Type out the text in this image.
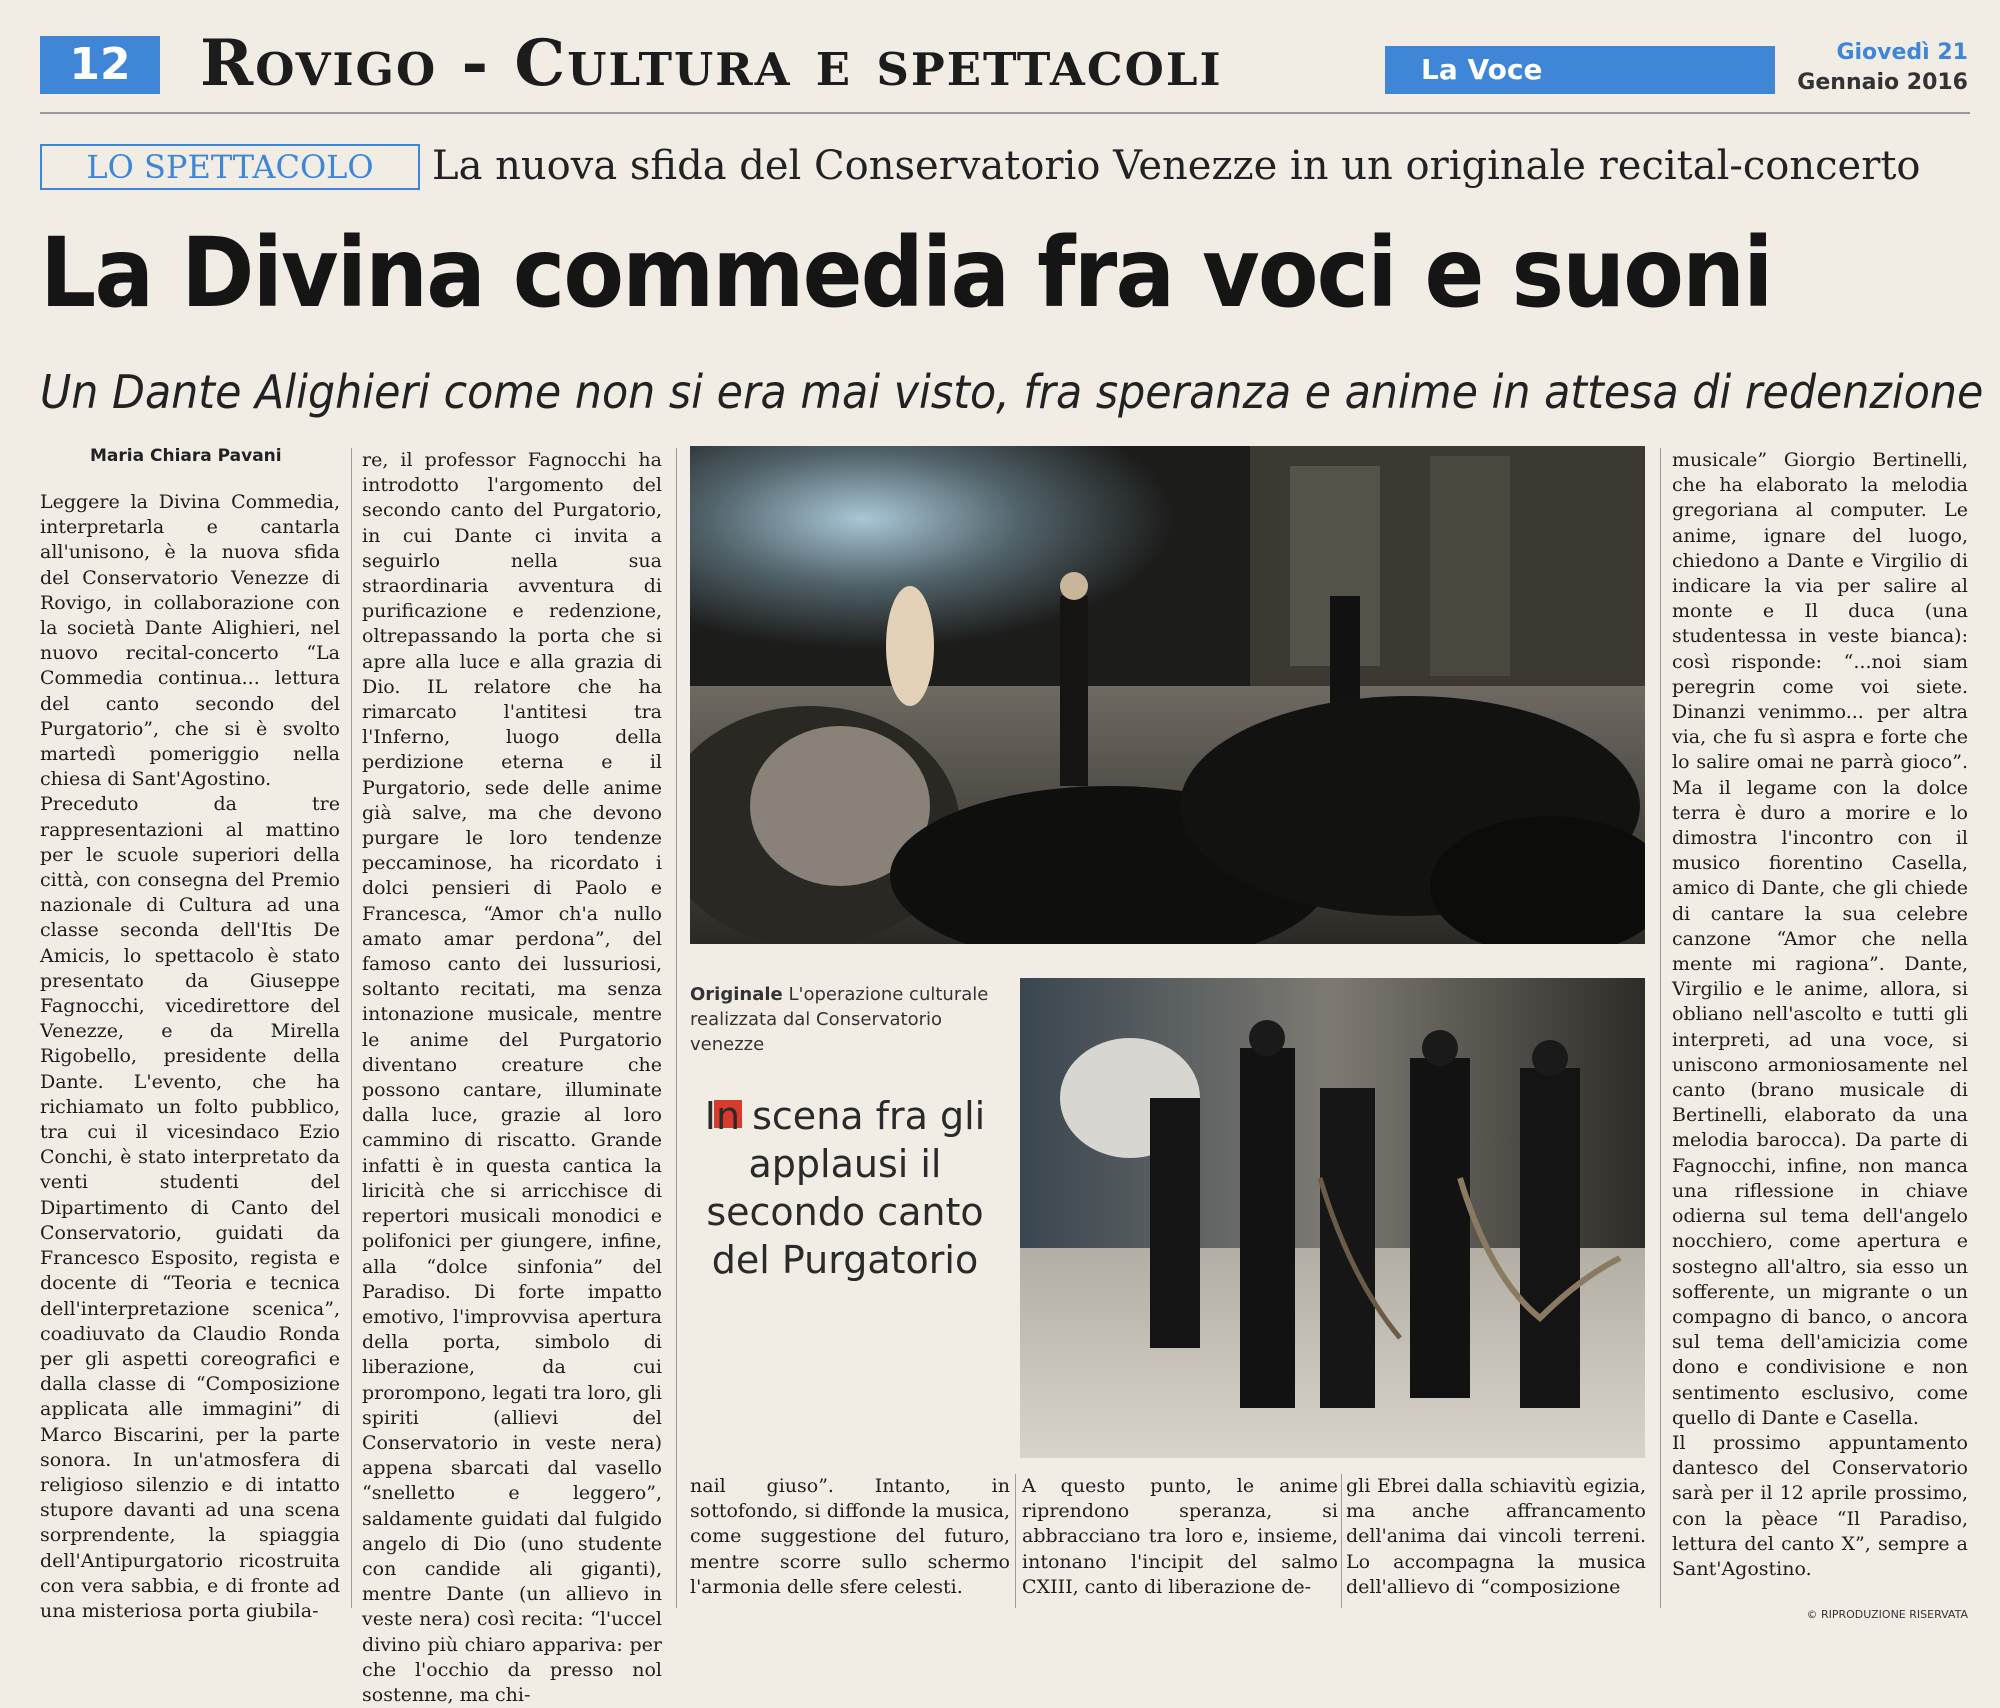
12	Rovigo - Cultura e spettacoli	La Voce
Giovedì 21
Gennaio 2016
LO SPETTACOLO	La nuova sfida del Conservatorio Venezze in un originale recital-concerto
La Divina commedia fra voci e suoni
Un Dante Alighieri come non si era mai visto, fra speranza e anime in attesa di redenzione
Maria Chiara Pavani

Leggere la Divina Commedia, interpretarla e cantarla all'unisono, è la nuova sfida del Conservatorio Venezze di Rovigo, in collaborazione con la società Dante Alighieri, nel nuovo recital-concerto “La Commedia continua... lettura del canto secondo del Purgatorio”, che si è svolto martedì pomeriggio nella chiesa di Sant'Agostino.

Preceduto da tre rappresentazioni al mattino per le scuole superiori della città, con consegna del Premio nazionale di Cultura ad una classe seconda dell'Itis De Amicis, lo spettacolo è stato presentato da Giuseppe Fagnocchi, vicedirettore del Venezze, e da Mirella Rigobello, presidente della Dante. L'evento, che ha richiamato un folto pubblico, tra cui il vicesindaco Ezio Conchi, è stato interpretato da venti studenti del Dipartimento di Canto del Conservatorio, guidati da Francesco Esposito, regista e docente di “Teoria e tecnica dell'interpretazione scenica”, coadiuvato da Claudio Ronda per gli aspetti coreografici e dalla classe di “Composizione applicata alle immagini” di Marco Biscarini, per la parte sonora. In un'atmosfera di religioso silenzio e di intatto stupore davanti ad una scena sorprendente, la spiaggia dell'Antipurgatorio ricostruita con vera sabbia, e di fronte ad una misteriosa porta giubila-

re, il professor Fagnocchi ha introdotto l'argomento del secondo canto del Purgatorio, in cui Dante ci invita a seguirlo nella sua straordinaria avventura di purificazione e redenzione, oltrepassando la porta che si apre alla luce e alla grazia di Dio. IL relatore che ha rimarcato l'antitesi tra l'Inferno, luogo della perdizione eterna e il Purgatorio, sede delle anime già salve, ma che devono purgare le loro tendenze peccaminose, ha ricordato i dolci pensieri di Paolo e Francesca, “Amor ch'a nullo amato amar perdona”, del famoso canto dei lussuriosi, soltanto recitati, ma senza intonazione musicale, mentre le anime del Purgatorio diventano creature che possono cantare, illuminate dalla luce, grazie al loro cammino di riscatto. Grande infatti è in questa cantica la liricità che si arricchisce di repertori musicali monodici e polifonici per giungere, infine, alla “dolce sinfonia” del Paradiso. Di forte impatto emotivo, l'improvvisa apertura della porta, simbolo di liberazione, da cui prorompono, legati tra loro, gli spiriti (allievi del Conservatorio in veste nera) appena sbarcati dal vasello “snelletto e leggero”, saldamente guidati dal fulgido angelo di Dio (uno studente con candide ali giganti), mentre Dante (un allievo in veste nera) così recita: “l'uccel divino più chiaro appariva: per che l'occhio da presso nol sostenne, ma chi-

Originale L'operazione culturale realizzata dal Conservatorio venezze
In scena fra gli applausi il secondo canto del Purgatorio

nail giuso”. Intanto, in sottofondo, si diffonde la musica, come suggestione del futuro, mentre scorre sullo schermo l'armonia delle sfere celesti.

A questo punto, le anime riprendono speranza, si abbracciano tra loro e, insieme, intonano l'incipit del salmo CXIII, canto di liberazione de-

gli Ebrei dalla schiavitù egizia, ma anche affrancamento dell'anima dai vincoli terreni. Lo accompagna la musica dell'allievo di “composizione

musicale” Giorgio Bertinelli, che ha elaborato la melodia gregoriana al computer. Le anime, ignare del luogo, chiedono a Dante e Virgilio di indicare la via per salire al monte e Il duca (una studentessa in veste bianca): così risponde: “...noi siam peregrin come voi siete. Dinanzi venimmo... per altra via, che fu sì aspra e forte che lo salire omai ne parrà gioco”. Ma il legame con la dolce terra è duro a morire e lo dimostra l'incontro con il musico fiorentino Casella, amico di Dante, che gli chiede di cantare la sua celebre canzone “Amor che nella mente mi ragiona”. Dante, Virgilio e le anime, allora, si obliano nell'ascolto e tutti gli interpreti, ad una voce, si uniscono armoniosamente nel canto (brano musicale di Bertinelli, elaborato da una melodia barocca). Da parte di Fagnocchi, infine, non manca una riflessione in chiave odierna sul tema dell'angelo nocchiero, come apertura e sostegno all'altro, sia esso un sofferente, un migrante o un compagno di banco, o ancora sul tema dell'amicizia come dono e condivisione e non sentimento esclusivo, come quello di Dante e Casella.

Il prossimo appuntamento dantesco del Conservatorio sarà per il 12 aprile prossimo, con la pèace “Il Paradiso, lettura del canto X”, sempre a Sant'Agostino.

© RIPRODUZIONE RISERVATA
